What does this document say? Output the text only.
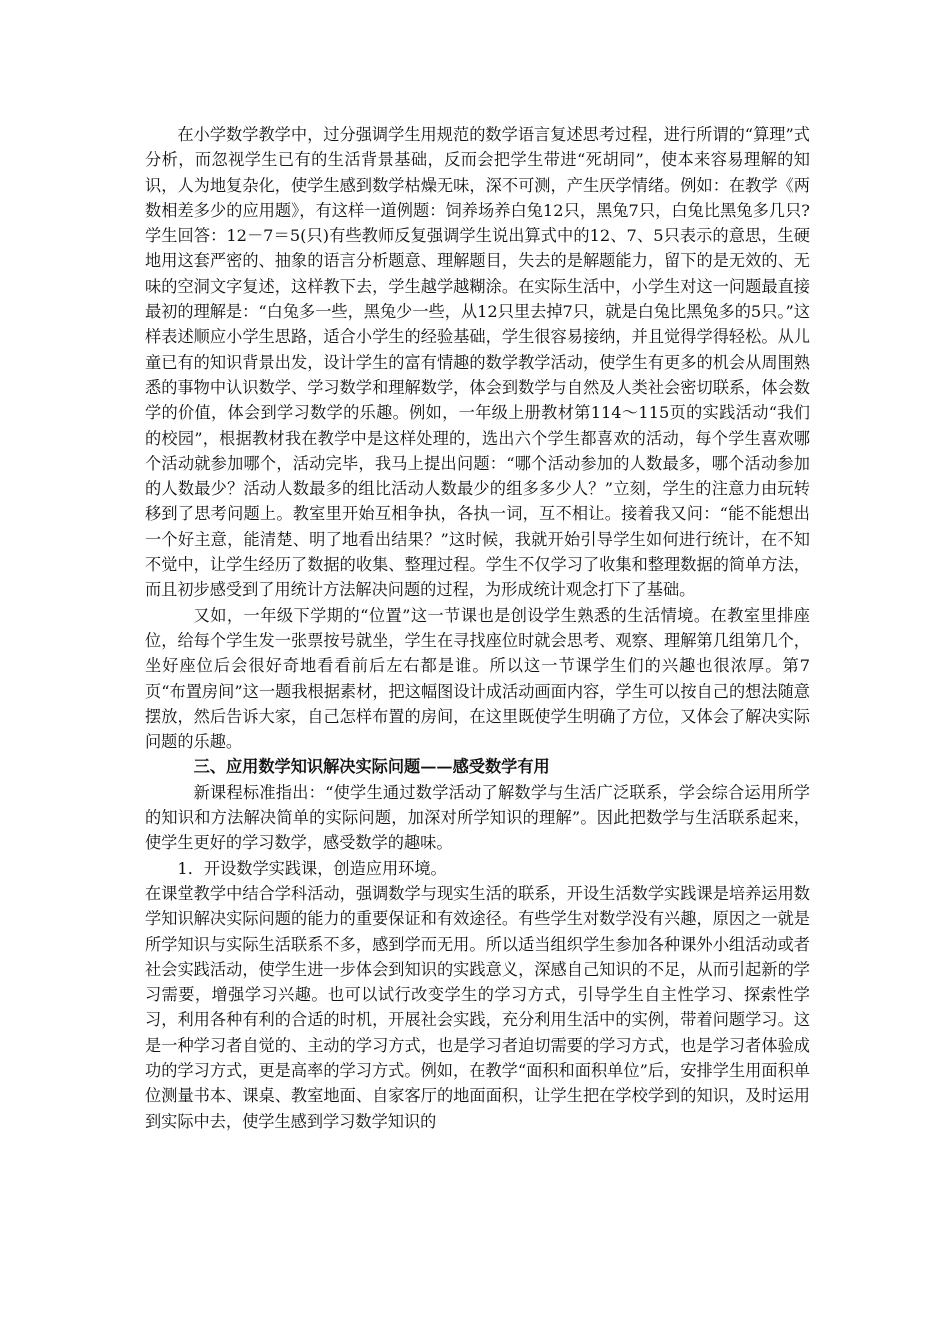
在小学数学教学中，过分强调学生用规范的数学语言复述思考过程，进行所谓的“算理”式分析，而忽视学生已有的生活背景基础，反而会把学生带进“死胡同”，使本来容易理解的知识，人为地复杂化，使学生感到数学枯燥无味，深不可测，产生厌学情绪。例如：在教学《两数相差多少的应用题》，有这样一道例题：饲养场养白兔12只，黑兔7只，白兔比黑兔多几只?学生回答：12－7＝5(只)有些教师反复强调学生说出算式中的12、7、5只表示的意思，生硬地用这套严密的、抽象的语言分析题意、理解题目，失去的是解题能力，留下的是无效的、无味的空洞文字复述，这样教下去，学生越学越糊涂。在实际生活中，小学生对这一问题最直接最初的理解是：“白兔多一些，黑兔少一些，从12只里去掉7只，就是白兔比黑兔多的5只。”这样表述顺应小学生思路，适合小学生的经验基础，学生很容易接纳，并且觉得学得轻松。从儿童已有的知识背景出发，设计学生的富有情趣的数学教学活动，使学生有更多的机会从周围熟悉的事物中认识数学、学习数学和理解数学，体会到数学与自然及人类社会密切联系，体会数学的价值，体会到学习数学的乐趣。例如，一年级上册教材第114～115页的实践活动“我们的校园”，根据教材我在教学中是这样处理的，选出六个学生都喜欢的活动，每个学生喜欢哪个活动就参加哪个，活动完毕，我马上提出问题：“哪个活动参加的人数最多，哪个活动参加的人数最少？活动人数最多的组比活动人数最少的组多多少人？”立刻，学生的注意力由玩转移到了思考问题上。教室里开始互相争执，各执一词，互不相让。接着我又问：“能不能想出一个好主意，能清楚、明了地看出结果？”这时候，我就开始引导学生如何进行统计，在不知不觉中，让学生经历了数据的收集、整理过程。学生不仅学习了收集和整理数据的简单方法，而且初步感受到了用统计方法解决问题的过程，为形成统计观念打下了基础。

又如，一年级下学期的“位置”这一节课也是创设学生熟悉的生活情境。在教室里排座位，给每个学生发一张票按号就坐，学生在寻找座位时就会思考、观察、理解第几组第几个，坐好座位后会很好奇地看看前后左右都是谁。所以这一节课学生们的兴趣也很浓厚。第7页“布置房间”这一题我根据素材，把这幅图设计成活动画面内容，学生可以按自己的想法随意摆放，然后告诉大家，自己怎样布置的房间，在这里既使学生明确了方位，又体会了解决实际问题的乐趣。

三、应用数学知识解决实际问题——感受数学有用

新课程标准指出：“使学生通过数学活动了解数学与生活广泛联系，学会综合运用所学的知识和方法解决简单的实际问题，加深对所学知识的理解”。因此把数学与生活联系起来，使学生更好的学习数学，感受数学的趣味。

1．开设数学实践课，创造应用环境。

在课堂教学中结合学科活动，强调数学与现实生活的联系，开设生活数学实践课是培养运用数学知识解决实际问题的能力的重要保证和有效途径。有些学生对数学没有兴趣，原因之一就是所学知识与实际生活联系不多，感到学而无用。所以适当组织学生参加各种课外小组活动或者社会实践活动，使学生进一步体会到知识的实践意义，深感自己知识的不足，从而引起新的学习需要，增强学习兴趣。也可以试行改变学生的学习方式，引导学生自主性学习、探索性学习，利用各种有利的合适的时机，开展社会实践，充分利用生活中的实例，带着问题学习。这是一种学习者自觉的、主动的学习方式，也是学习者迫切需要的学习方式，也是学习者体验成功的学习方式，更是高率的学习方式。例如，在教学“面积和面积单位”后，安排学生用面积单位测量书本、课桌、教室地面、自家客厅的地面面积，让学生把在学校学到的知识，及时运用到实际中去，使学生感到学习数学知识的
